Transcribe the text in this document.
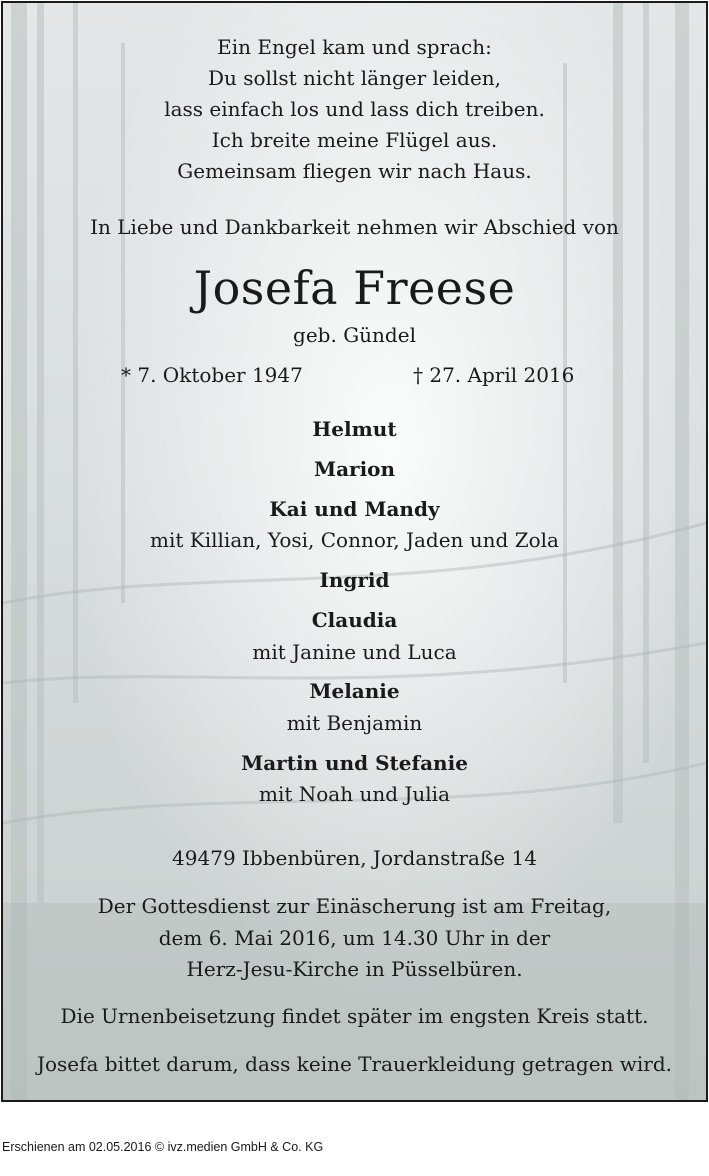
Ein Engel kam und sprach:
Du sollst nicht länger leiden,
lass einfach los und lass dich treiben.
Ich breite meine Flügel aus.
Gemeinsam fliegen wir nach Haus.
In Liebe und Dankbarkeit nehmen wir Abschied von
Josefa Freese
geb. Gündel
* 7. Oktober 1947	† 27. April 2016
Helmut
Marion
Kai und Mandy
mit Killian, Yosi, Connor, Jaden und Zola
Ingrid
Claudia
mit Janine und Luca
Melanie
mit Benjamin
Martin und Stefanie
mit Noah und Julia
49479 Ibbenbüren, Jordanstraße 14
Der Gottesdienst zur Einäscherung ist am Freitag,
dem 6. Mai 2016, um 14.30 Uhr in der
Herz-Jesu-Kirche in Püsselbüren.
Die Urnenbeisetzung findet später im engsten Kreis statt.
Josefa bittet darum, dass keine Trauerkleidung getragen wird.
Erschienen am 02.05.2016 © ivz.medien GmbH & Co. KG
